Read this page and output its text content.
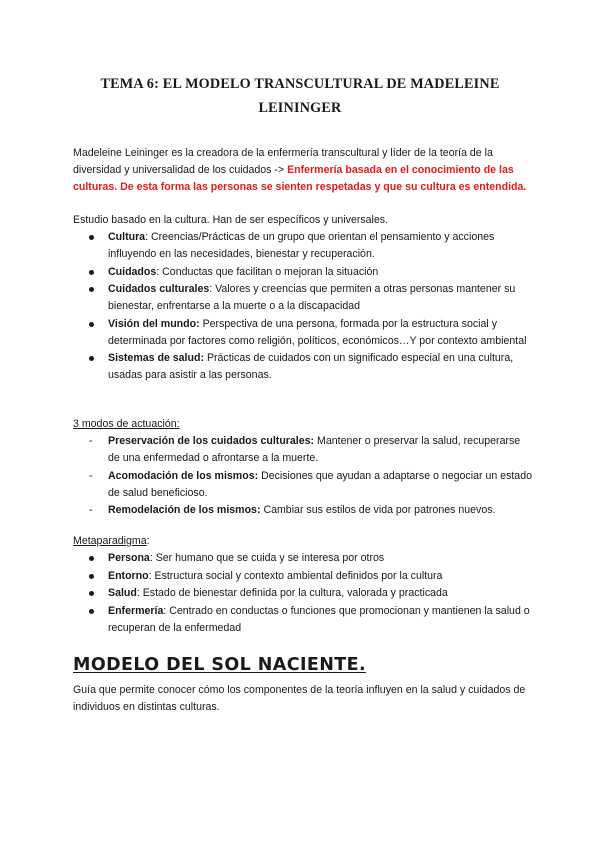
TEMA 6: EL MODELO TRANSCULTURAL DE MADELEINE LEININGER
Madeleine Leininger es la creadora de la enfermería transcultural y líder de la teoría de la diversidad y universalidad de los cuidados -> Enfermería basada en el conocimiento de las culturas. De esta forma las personas se sienten respetadas y que su cultura es entendida.
Estudio basado en la cultura. Han de ser específicos y universales.
Cultura: Creencias/Prácticas de un grupo que orientan el pensamiento y acciones influyendo en las necesidades, bienestar y recuperación.
Cuidados: Conductas que facilitan o mejoran la situación
Cuidados culturales: Valores y creencias que permiten a otras personas mantener su bienestar, enfrentarse a la muerte o a la discapacidad
Visión del mundo: Perspectiva de una persona, formada por la estructura social y determinada por factores como religión, políticos, económicos…Y por contexto ambiental
Sistemas de salud: Prácticas de cuidados con un significado especial en una cultura, usadas para asistir a las personas.
3 modos de actuación:
- Preservación de los cuidados culturales: Mantener o preservar la salud, recuperarse de una enfermedad o afrontarse a la muerte.
- Acomodación de los mismos: Decisiones que ayudan a adaptarse o negociar un estado de salud beneficioso.
- Remodelación de los mismos: Cambiar sus estilos de vida por patrones nuevos.
Metaparadigma:
Persona: Ser humano que se cuida y se interesa por otros
Entorno: Estructura social y contexto ambiental definidos por la cultura
Salud: Estado de bienestar definida por la cultura, valorada y practicada
Enfermería: Centrado en conductas o funciones que promocionan y mantienen la salud o recuperan de la enfermedad
MODELO DEL SOL NACIENTE.
Guía que permite conocer cómo los componentes de la teoría influyen en la salud y cuidados de individuos en distintas culturas.
